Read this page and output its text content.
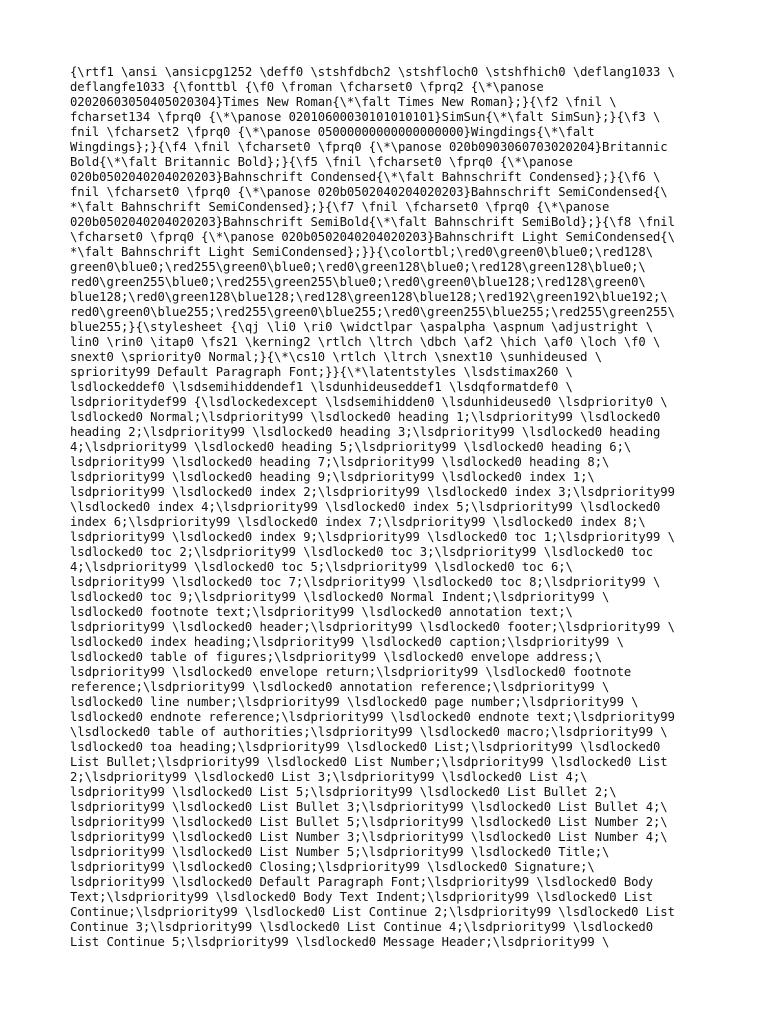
{\rtf1 \ansi \ansicpg1252 \deff0 \stshfdbch2 \stshfloch0 \stshfhich0 \deflang1033 \
deflangfe1033 {\fonttbl {\f0 \froman \fcharset0 \fprq2 {\*\panose
02020603050405020304}Times New Roman{\*\falt Times New Roman};}{\f2 \fnil \
fcharset134 \fprq0 {\*\panose 02010600030101010101}SimSun{\*\falt SimSun};}{\f3 \
fnil \fcharset2 \fprq0 {\*\panose 05000000000000000000}Wingdings{\*\falt
Wingdings};}{\f4 \fnil \fcharset0 \fprq0 {\*\panose 020b0903060703020204}Britannic
Bold{\*\falt Britannic Bold};}{\f5 \fnil \fcharset0 \fprq0 {\*\panose
020b0502040204020203}Bahnschrift Condensed{\*\falt Bahnschrift Condensed};}{\f6 \
fnil \fcharset0 \fprq0 {\*\panose 020b0502040204020203}Bahnschrift SemiCondensed{\
*\falt Bahnschrift SemiCondensed};}{\f7 \fnil \fcharset0 \fprq0 {\*\panose
020b0502040204020203}Bahnschrift SemiBold{\*\falt Bahnschrift SemiBold};}{\f8 \fnil
\fcharset0 \fprq0 {\*\panose 020b0502040204020203}Bahnschrift Light SemiCondensed{\
*\falt Bahnschrift Light SemiCondensed};}}{\colortbl;\red0\green0\blue0;\red128\
green0\blue0;\red255\green0\blue0;\red0\green128\blue0;\red128\green128\blue0;\
red0\green255\blue0;\red255\green255\blue0;\red0\green0\blue128;\red128\green0\
blue128;\red0\green128\blue128;\red128\green128\blue128;\red192\green192\blue192;\
red0\green0\blue255;\red255\green0\blue255;\red0\green255\blue255;\red255\green255\
blue255;}{\stylesheet {\qj \li0 \ri0 \widctlpar \aspalpha \aspnum \adjustright \
lin0 \rin0 \itap0 \fs21 \kerning2 \rtlch \ltrch \dbch \af2 \hich \af0 \loch \f0 \
snext0 \spriority0 Normal;}{\*\cs10 \rtlch \ltrch \snext10 \sunhideused \
spriority99 Default Paragraph Font;}}{\*\latentstyles \lsdstimax260 \
lsdlockeddef0 \lsdsemihiddendef1 \lsdunhideuseddef1 \lsdqformatdef0 \
lsdprioritydef99 {\lsdlockedexcept \lsdsemihidden0 \lsdunhideused0 \lsdpriority0 \
lsdlocked0 Normal;\lsdpriority99 \lsdlocked0 heading 1;\lsdpriority99 \lsdlocked0
heading 2;\lsdpriority99 \lsdlocked0 heading 3;\lsdpriority99 \lsdlocked0 heading
4;\lsdpriority99 \lsdlocked0 heading 5;\lsdpriority99 \lsdlocked0 heading 6;\
lsdpriority99 \lsdlocked0 heading 7;\lsdpriority99 \lsdlocked0 heading 8;\
lsdpriority99 \lsdlocked0 heading 9;\lsdpriority99 \lsdlocked0 index 1;\
lsdpriority99 \lsdlocked0 index 2;\lsdpriority99 \lsdlocked0 index 3;\lsdpriority99
\lsdlocked0 index 4;\lsdpriority99 \lsdlocked0 index 5;\lsdpriority99 \lsdlocked0
index 6;\lsdpriority99 \lsdlocked0 index 7;\lsdpriority99 \lsdlocked0 index 8;\
lsdpriority99 \lsdlocked0 index 9;\lsdpriority99 \lsdlocked0 toc 1;\lsdpriority99 \
lsdlocked0 toc 2;\lsdpriority99 \lsdlocked0 toc 3;\lsdpriority99 \lsdlocked0 toc
4;\lsdpriority99 \lsdlocked0 toc 5;\lsdpriority99 \lsdlocked0 toc 6;\
lsdpriority99 \lsdlocked0 toc 7;\lsdpriority99 \lsdlocked0 toc 8;\lsdpriority99 \
lsdlocked0 toc 9;\lsdpriority99 \lsdlocked0 Normal Indent;\lsdpriority99 \
lsdlocked0 footnote text;\lsdpriority99 \lsdlocked0 annotation text;\
lsdpriority99 \lsdlocked0 header;\lsdpriority99 \lsdlocked0 footer;\lsdpriority99 \
lsdlocked0 index heading;\lsdpriority99 \lsdlocked0 caption;\lsdpriority99 \
lsdlocked0 table of figures;\lsdpriority99 \lsdlocked0 envelope address;\
lsdpriority99 \lsdlocked0 envelope return;\lsdpriority99 \lsdlocked0 footnote
reference;\lsdpriority99 \lsdlocked0 annotation reference;\lsdpriority99 \
lsdlocked0 line number;\lsdpriority99 \lsdlocked0 page number;\lsdpriority99 \
lsdlocked0 endnote reference;\lsdpriority99 \lsdlocked0 endnote text;\lsdpriority99
\lsdlocked0 table of authorities;\lsdpriority99 \lsdlocked0 macro;\lsdpriority99 \
lsdlocked0 toa heading;\lsdpriority99 \lsdlocked0 List;\lsdpriority99 \lsdlocked0
List Bullet;\lsdpriority99 \lsdlocked0 List Number;\lsdpriority99 \lsdlocked0 List
2;\lsdpriority99 \lsdlocked0 List 3;\lsdpriority99 \lsdlocked0 List 4;\
lsdpriority99 \lsdlocked0 List 5;\lsdpriority99 \lsdlocked0 List Bullet 2;\
lsdpriority99 \lsdlocked0 List Bullet 3;\lsdpriority99 \lsdlocked0 List Bullet 4;\
lsdpriority99 \lsdlocked0 List Bullet 5;\lsdpriority99 \lsdlocked0 List Number 2;\
lsdpriority99 \lsdlocked0 List Number 3;\lsdpriority99 \lsdlocked0 List Number 4;\
lsdpriority99 \lsdlocked0 List Number 5;\lsdpriority99 \lsdlocked0 Title;\
lsdpriority99 \lsdlocked0 Closing;\lsdpriority99 \lsdlocked0 Signature;\
lsdpriority99 \lsdlocked0 Default Paragraph Font;\lsdpriority99 \lsdlocked0 Body
Text;\lsdpriority99 \lsdlocked0 Body Text Indent;\lsdpriority99 \lsdlocked0 List
Continue;\lsdpriority99 \lsdlocked0 List Continue 2;\lsdpriority99 \lsdlocked0 List
Continue 3;\lsdpriority99 \lsdlocked0 List Continue 4;\lsdpriority99 \lsdlocked0
List Continue 5;\lsdpriority99 \lsdlocked0 Message Header;\lsdpriority99 \
